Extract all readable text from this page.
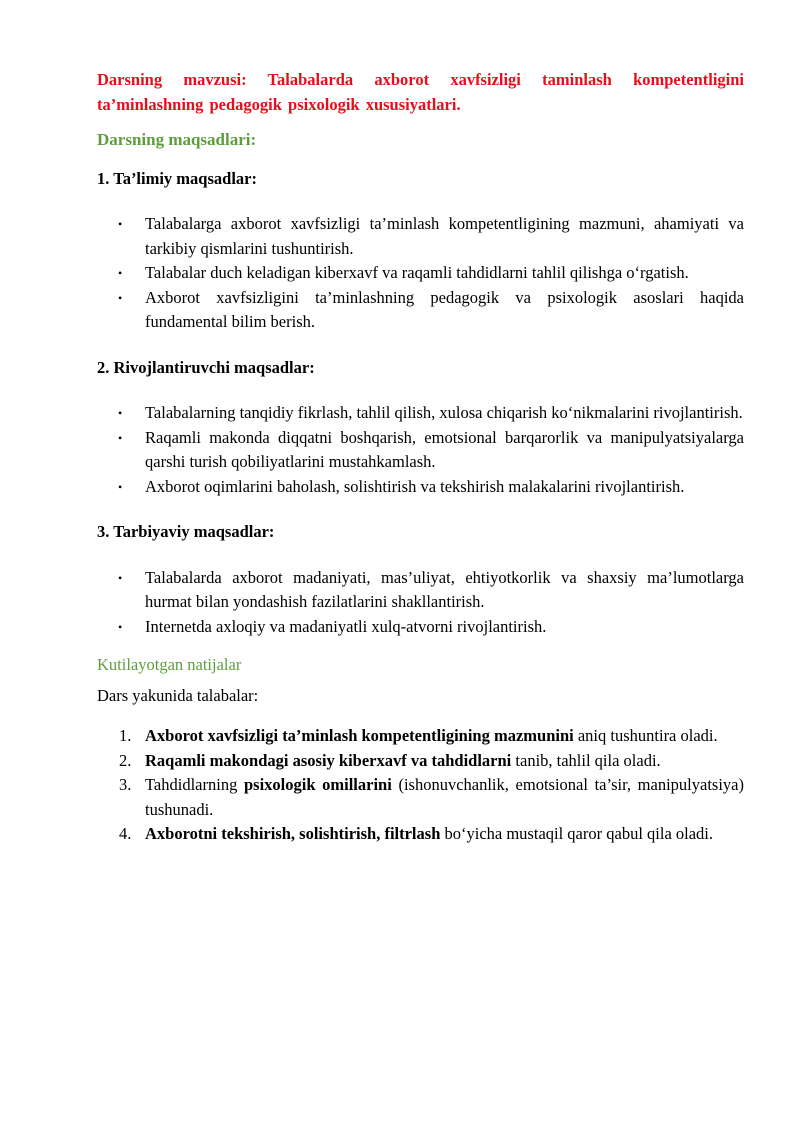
Darsning mavzusi: Talabalarda axborot xavfsizligi taminlash kompetentligini ta’minlashning pedagogik psixologik xususiyatlari.

Darsning maqsadlari:

1. Ta’limiy maqsadlar:

• Talabalarga axborot xavfsizligi ta’minlash kompetentligining mazmuni, ahamiyati va tarkibiy qismlarini tushuntirish.
• Talabalar duch keladigan kiberxavf va raqamli tahdidlarni tahlil qilishga o‘rgatish.
• Axborot xavfsizligini ta’minlashning pedagogik va psixologik asoslari haqida fundamental bilim berish.

2. Rivojlantiruvchi maqsadlar:

• Talabalarning tanqidiy fikrlash, tahlil qilish, xulosa chiqarish ko‘nikmalarini rivojlantirish.
• Raqamli makonda diqqatni boshqarish, emotsional barqarorlik va manipulyatsiyalarga qarshi turish qobiliyatlarini mustahkamlash.
• Axborot oqimlarini baholash, solishtirish va tekshirish malakalarini rivojlantirish.

3. Tarbiyaviy maqsadlar:

• Talabalarda axborot madaniyati, mas’uliyat, ehtiyotkorlik va shaxsiy ma’lumotlarga hurmat bilan yondashish fazilatlarini shakllantirish.
• Internetda axloqiy va madaniyatli xulq-atvorni rivojlantirish.

Kutilayotgan natijalar

Dars yakunida talabalar:

1. Axborot xavfsizligi ta’minlash kompetentligining mazmunini aniq tushuntira oladi.
2. Raqamli makondagi asosiy kiberxavf va tahdidlarni tanib, tahlil qila oladi.
3. Tahdidlarning psixologik omillarini (ishonuvchanlik, emotsional ta’sir, manipulyatsiya) tushunadi.
4. Axborotni tekshirish, solishtirish, filtrlash bo‘yicha mustaqil qaror qabul qila oladi.
